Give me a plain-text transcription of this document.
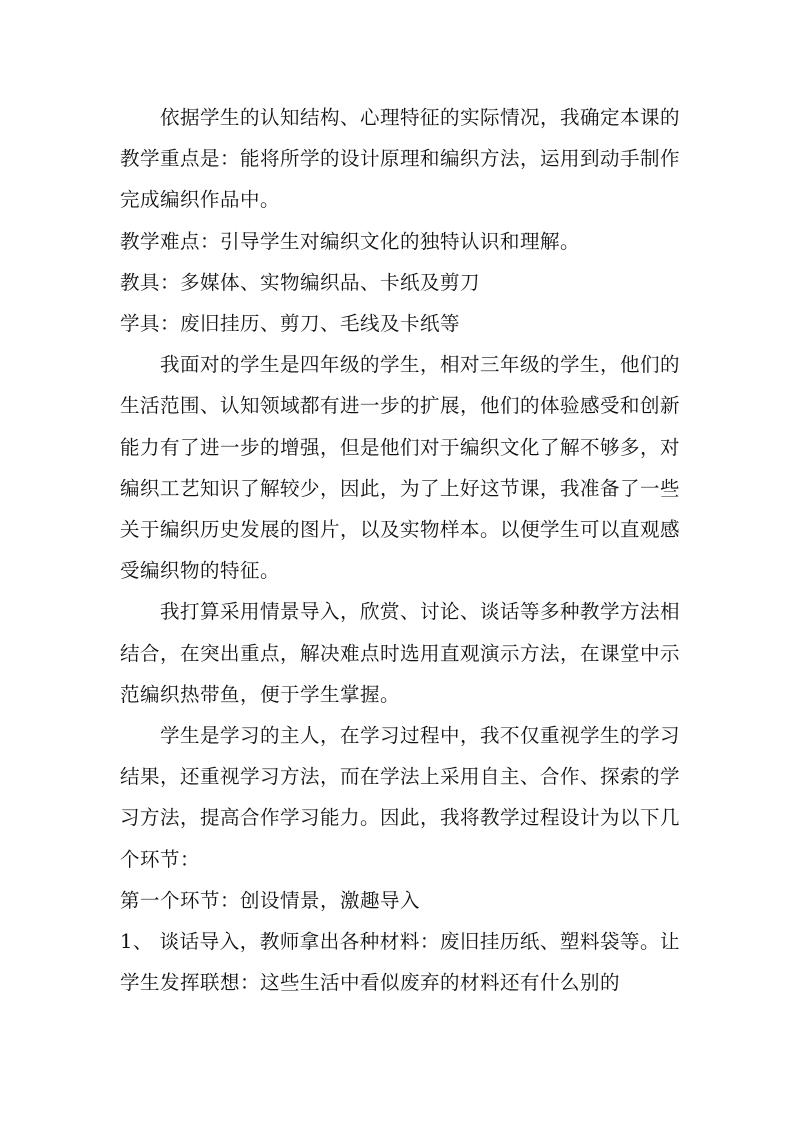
依据学生的认知结构、心理特征的实际情况，我确定本课的教学重点是：能将所学的设计原理和编织方法，运用到动手制作完成编织作品中。

教学难点：引导学生对编织文化的独特认识和理解。

教具：多媒体、实物编织品、卡纸及剪刀

学具：废旧挂历、剪刀、毛线及卡纸等

我面对的学生是四年级的学生，相对三年级的学生，他们的生活范围、认知领域都有进一步的扩展，他们的体验感受和创新能力有了进一步的增强，但是他们对于编织文化了解不够多，对编织工艺知识了解较少，因此，为了上好这节课，我准备了一些关于编织历史发展的图片，以及实物样本。以便学生可以直观感受编织物的特征。

我打算采用情景导入，欣赏、讨论、谈话等多种教学方法相结合，在突出重点，解决难点时选用直观演示方法，在课堂中示范编织热带鱼，便于学生掌握。

学生是学习的主人，在学习过程中，我不仅重视学生的学习结果，还重视学习方法，而在学法上采用自主、合作、探索的学习方法，提高合作学习能力。因此，我将教学过程设计为以下几个环节：

第一个环节：创设情景，激趣导入

1、 谈话导入，教师拿出各种材料：废旧挂历纸、塑料袋等。让学生发挥联想：这些生活中看似废弃的材料还有什么别的
